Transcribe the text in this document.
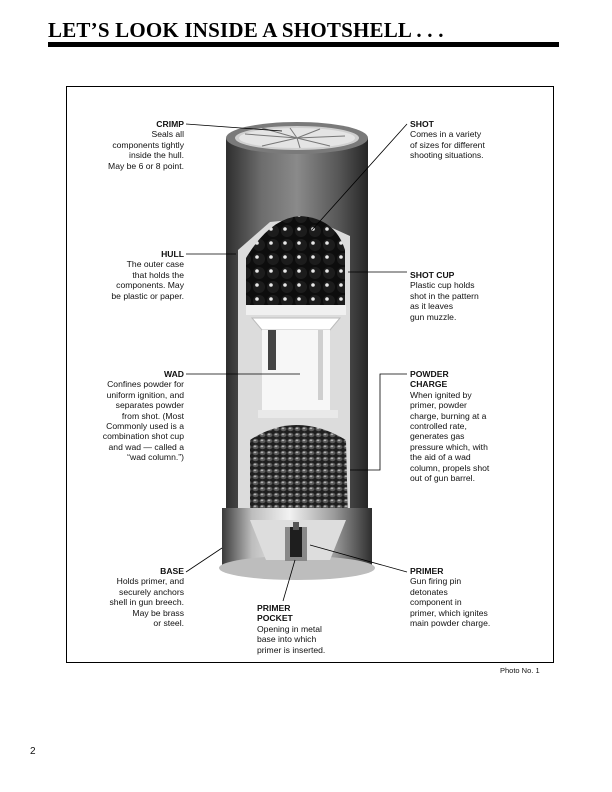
LET’S LOOK INSIDE A SHOTSHELL . . .
CRIMP
Seals all
components tightly
inside the hull.
May be 6 or 8 point.
SHOT
Comes in a variety
of sizes for different
shooting situations.
HULL
The outer case
that holds the
components. May
be plastic or paper.
SHOT CUP
Plastic cup holds
shot in the pattern
as it leaves
gun muzzle.
WAD
Confines powder for
uniform ignition, and
separates powder
from shot. (Most
Commonly used is a
combination shot cup
and wad — called a
“wad column.”)
POWDER
CHARGE
When ignited by
primer, powder
charge, burning at a
controlled rate,
generates gas
pressure which, with
the aid of a wad
column, propels shot
out of gun barrel.
BASE
Holds primer, and
securely anchors
shell in gun breech.
May be brass
or steel.
PRIMER
POCKET
Opening in metal
base into which
primer is inserted.
PRIMER
Gun firing pin
detonates
component in
primer, which ignites
main powder charge.
Photo No. 1
2
